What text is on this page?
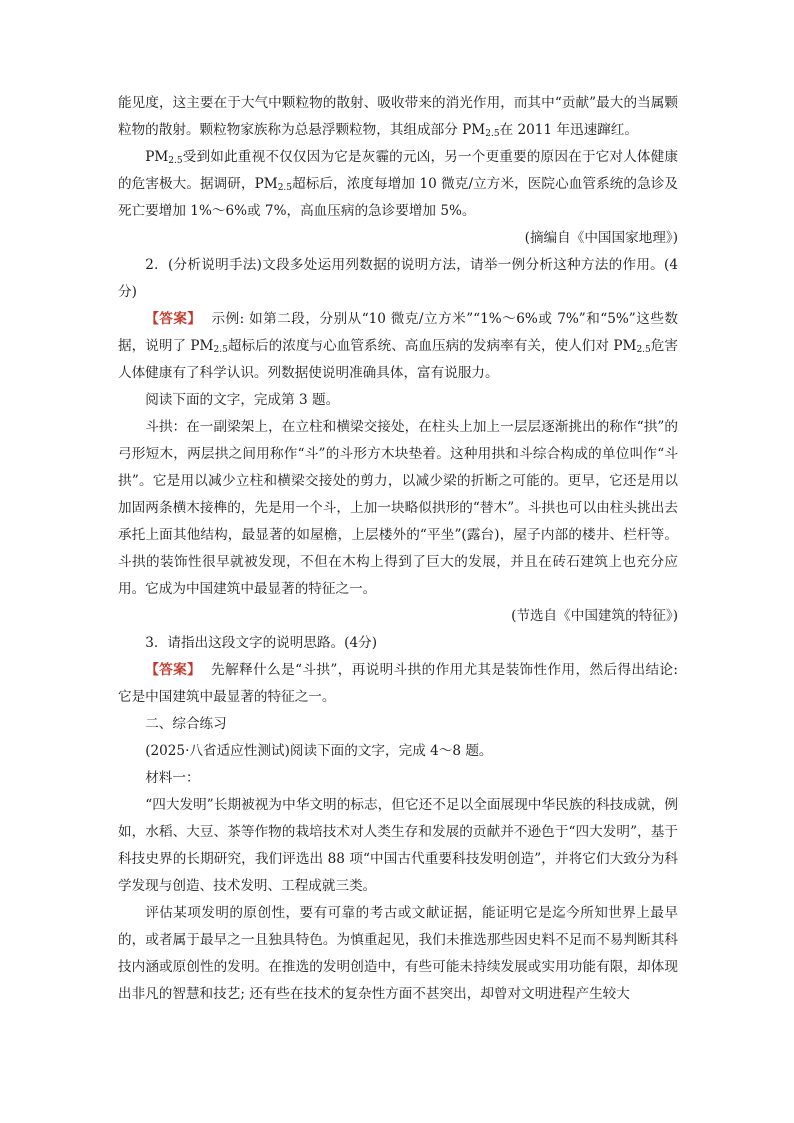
能见度，这主要在于大气中颗粒物的散射、吸收带来的消光作用，而其中“贡献”最大的当属颗粒物的散射。颗粒物家族称为总悬浮颗粒物，其组成部分 $PM_{2.5}$在 2011 年迅速蹿红。

$PM_{2.5}$受到如此重视不仅仅因为它是灰霾的元凶，另一个更重要的原因在于它对人体健康的危害极大。据调研，$PM_{2.5}$超标后，浓度每增加 10 微克/立方米，医院心血管系统的急诊及死亡要增加 1%～6%或 7%，高血压病的急诊要增加 5%。

(摘编自《中国国家地理》)

2．(分析说明手法)文段多处运用列数据的说明方法，请举一例分析这种方法的作用。(4分)

【答案】 示例: 如第二段，分别从“10 微克/立方米”“1%～6%或 7%”和“5%”这些数据，说明了 $PM_{2.5}$超标后的浓度与心血管系统、高血压病的发病率有关，使人们对 $PM_{2.5}$危害人体健康有了科学认识。列数据使说明准确具体，富有说服力。

阅读下面的文字，完成第 3 题。

斗拱：在一副梁架上，在立柱和横梁交接处，在柱头上加上一层层逐渐挑出的称作“拱”的弓形短木，两层拱之间用称作“斗”的斗形方木块垫着。这种用拱和斗综合构成的单位叫作“斗拱”。它是用以减少立柱和横梁交接处的剪力，以减少梁的折断之可能的。更早，它还是用以加固两条横木接榫的，先是用一个斗，上加一块略似拱形的“替木”。斗拱也可以由柱头挑出去承托上面其他结构，最显著的如屋檐，上层楼外的“平坐”(露台)，屋子内部的楼井、栏杆等。斗拱的装饰性很早就被发现，不但在木构上得到了巨大的发展，并且在砖石建筑上也充分应用。它成为中国建筑中最显著的特征之一。

(节选自《中国建筑的特征》)

3．请指出这段文字的说明思路。(4分)

【答案】 先解释什么是“斗拱”，再说明斗拱的作用尤其是装饰性作用，然后得出结论: 它是中国建筑中最显著的特征之一。

二、综合练习

(2025·八省适应性测试)阅读下面的文字，完成 4～8 题。

材料一：

“四大发明”长期被视为中华文明的标志，但它还不足以全面展现中华民族的科技成就，例如，水稻、大豆、茶等作物的栽培技术对人类生存和发展的贡献并不逊色于“四大发明”，基于科技史界的长期研究，我们评选出 88 项“中国古代重要科技发明创造”，并将它们大致分为科学发现与创造、技术发明、工程成就三类。

评估某项发明的原创性，要有可靠的考古或文献证据，能证明它是迄今所知世界上最早的，或者属于最早之一且独具特色。为慎重起见，我们未推选那些因史料不足而不易判断其科技内涵或原创性的发明。在推选的发明创造中，有些可能未持续发展或实用功能有限，却体现出非凡的智慧和技艺; 还有些在技术的复杂性方面不甚突出，却曾对文明进程产生较大
